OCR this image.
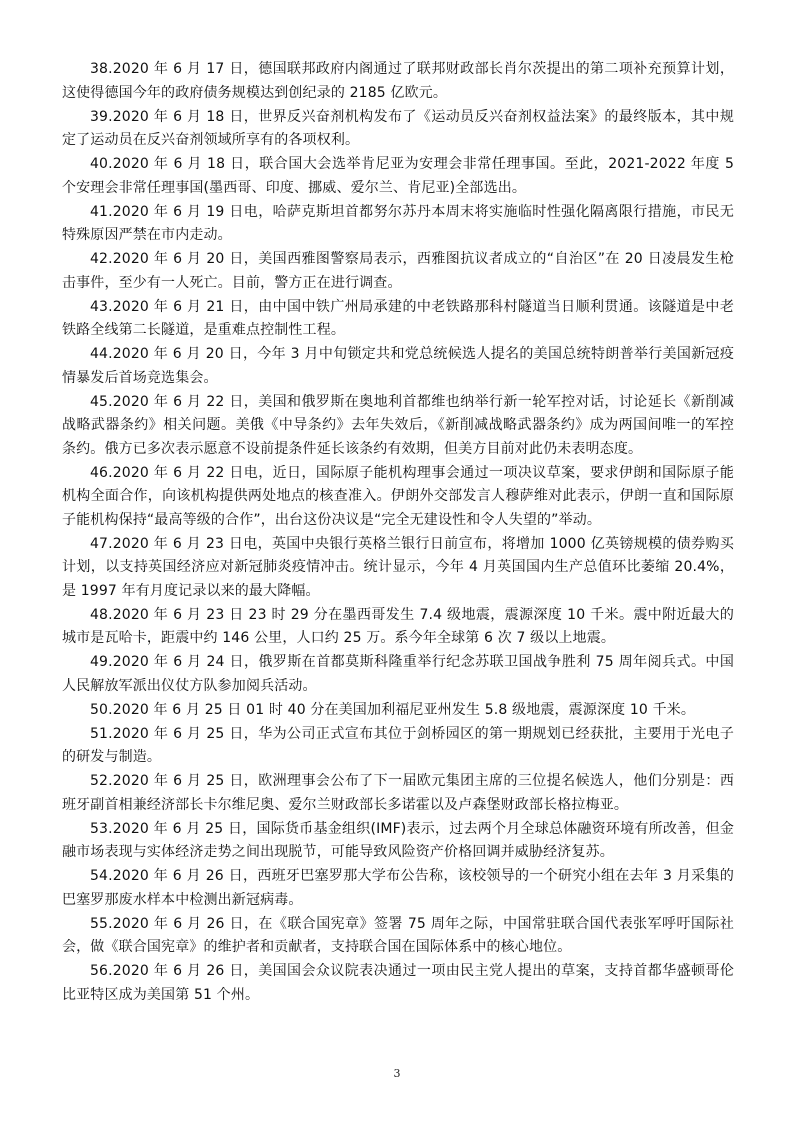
38.2020 年 6 月 17 日，德国联邦政府内阁通过了联邦财政部长肖尔茨提出的第二项补充预算计划，这使得德国今年的政府债务规模达到创纪录的 2185 亿欧元。

39.2020 年 6 月 18 日，世界反兴奋剂机构发布了《运动员反兴奋剂权益法案》的最终版本，其中规定了运动员在反兴奋剂领域所享有的各项权利。

40.2020 年 6 月 18 日，联合国大会选举肯尼亚为安理会非常任理事国。至此，2021-2022 年度 5 个安理会非常任理事国(墨西哥、印度、挪威、爱尔兰、肯尼亚)全部选出。

41.2020 年 6 月 19 日电，哈萨克斯坦首都努尔苏丹本周末将实施临时性强化隔离限行措施，市民无特殊原因严禁在市内走动。

42.2020 年 6 月 20 日，美国西雅图警察局表示，西雅图抗议者成立的“自治区”在 20 日凌晨发生枪击事件，至少有一人死亡。目前，警方正在进行调查。

43.2020 年 6 月 21 日，由中国中铁广州局承建的中老铁路那科村隧道当日顺利贯通。该隧道是中老铁路全线第二长隧道，是重难点控制性工程。

44.2020 年 6 月 20 日，今年 3 月中旬锁定共和党总统候选人提名的美国总统特朗普举行美国新冠疫情暴发后首场竞选集会。

45.2020 年 6 月 22 日，美国和俄罗斯在奥地利首都维也纳举行新一轮军控对话，讨论延长《新削减战略武器条约》相关问题。美俄《中导条约》去年失效后，《新削减战略武器条约》成为两国间唯一的军控条约。俄方已多次表示愿意不设前提条件延长该条约有效期，但美方目前对此仍未表明态度。

46.2020 年 6 月 22 日电，近日，国际原子能机构理事会通过一项决议草案，要求伊朗和国际原子能机构全面合作，向该机构提供两处地点的核查准入。伊朗外交部发言人穆萨维对此表示，伊朗一直和国际原子能机构保持“最高等级的合作”，出台这份决议是“完全无建设性和令人失望的”举动。

47.2020 年 6 月 23 日电，英国中央银行英格兰银行日前宣布，将增加 1000 亿英镑规模的债券购买计划，以支持英国经济应对新冠肺炎疫情冲击。统计显示，今年 4 月英国国内生产总值环比萎缩 20.4%，是 1997 年有月度记录以来的最大降幅。

48.2020 年 6 月 23 日 23 时 29 分在墨西哥发生 7.4 级地震，震源深度 10 千米。震中附近最大的城市是瓦哈卡，距震中约 146 公里，人口约 25 万。系今年全球第 6 次 7 级以上地震。

49.2020 年 6 月 24 日，俄罗斯在首都莫斯科隆重举行纪念苏联卫国战争胜利 75 周年阅兵式。中国人民解放军派出仪仗方队参加阅兵活动。

50.2020 年 6 月 25 日 01 时 40 分在美国加利福尼亚州发生 5.8 级地震，震源深度 10 千米。

51.2020 年 6 月 25 日，华为公司正式宣布其位于剑桥园区的第一期规划已经获批，主要用于光电子的研发与制造。

52.2020 年 6 月 25 日，欧洲理事会公布了下一届欧元集团主席的三位提名候选人，他们分别是：西班牙副首相兼经济部长卡尔维尼奥、爱尔兰财政部长多诺霍以及卢森堡财政部长格拉梅亚。

53.2020 年 6 月 25 日，国际货币基金组织(IMF)表示，过去两个月全球总体融资环境有所改善，但金融市场表现与实体经济走势之间出现脱节，可能导致风险资产价格回调并威胁经济复苏。

54.2020 年 6 月 26 日，西班牙巴塞罗那大学布公告称，该校领导的一个研究小组在去年 3 月采集的巴塞罗那废水样本中检测出新冠病毒。

55.2020 年 6 月 26 日，在《联合国宪章》签署 75 周年之际，中国常驻联合国代表张军呼吁国际社会，做《联合国宪章》的维护者和贡献者，支持联合国在国际体系中的核心地位。

56.2020 年 6 月 26 日，美国国会众议院表决通过一项由民主党人提出的草案，支持首都华盛顿哥伦比亚特区成为美国第 51 个州。

3
